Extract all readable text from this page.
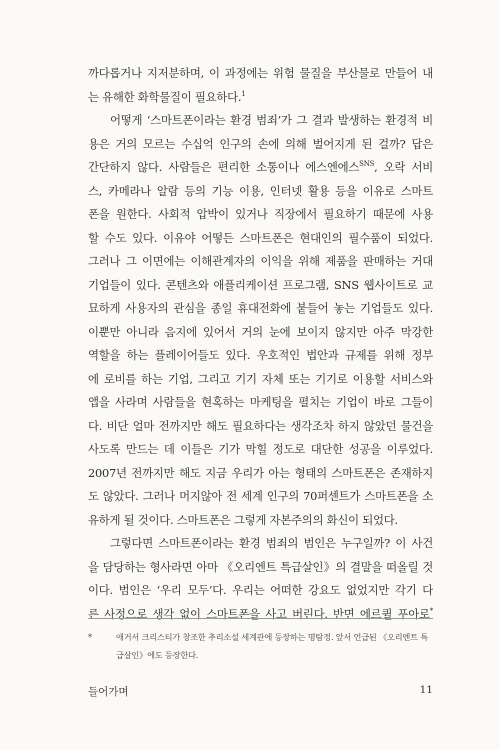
까다롭거나 지저분하며, 이 과정에는 위험 물질을 부산물로 만들어 내
는 유해한 화학물질이 필요하다.$^1$
어떻게 ‘스마트폰이라는 환경 범죄’가 그 결과 발생하는 환경적 비
용은 거의 모르는 수십억 인구의 손에 의해 벌어지게 된 걸까? 답은
간단하지 않다. 사람들은 편리한 소통이나 에스엔에스$^{SNS}$, 오락 서비
스, 카메라나 알람 등의 기능 이용, 인터넷 활용 등을 이유로 스마트
폰을 원한다. 사회적 압박이 있거나 직장에서 필요하기 때문에 사용
할 수도 있다. 이유야 어떻든 스마트폰은 현대인의 필수품이 되었다.
그러나 그 이면에는 이해관계자의 이익을 위해 제품을 판매하는 거대
기업들이 있다. 콘텐츠와 애플리케이션 프로그램, SNS 웹사이트로 교
묘하게 사용자의 관심을 종일 휴대전화에 붙들어 놓는 기업들도 있다.
이뿐만 아니라 음지에 있어서 거의 눈에 보이지 않지만 아주 막강한
역할을 하는 플레이어들도 있다. 우호적인 법안과 규제를 위해 정부
에 로비를 하는 기업, 그리고 기기 자체 또는 기기로 이용할 서비스와
앱을 사라며 사람들을 현혹하는 마케팅을 펼치는 기업이 바로 그들이
다. 비단 얼마 전까지만 해도 필요하다는 생각조차 하지 않았던 물건을
사도록 만드는 데 이들은 기가 막힐 정도로 대단한 성공을 이루었다.
2007년 전까지만 해도 지금 우리가 아는 형태의 스마트폰은 존재하지
도 않았다. 그러나 머지않아 전 세계 인구의 70퍼센트가 스마트폰을 소
유하게 될 것이다. 스마트폰은 그렇게 자본주의의 화신이 되었다.
그렇다면 스마트폰이라는 환경 범죄의 범인은 누구일까? 이 사건
을 담당하는 형사라면 아마 《오리엔트 특급살인》의 결말을 떠올릴 것
이다. 범인은 ‘우리 모두’다. 우리는 어떠한 강요도 없었지만 각기 다
른 사정으로 생각 없이 스마트폰을 사고 버린다. 반면 에르퀼 푸아로*
*	애거서 크리스티가 창조한 추리소설 세계관에 등장하는 명탐정. 앞서 언급된 《오리엔트 특
급살인》에도 등장한다.
들어가며	11
